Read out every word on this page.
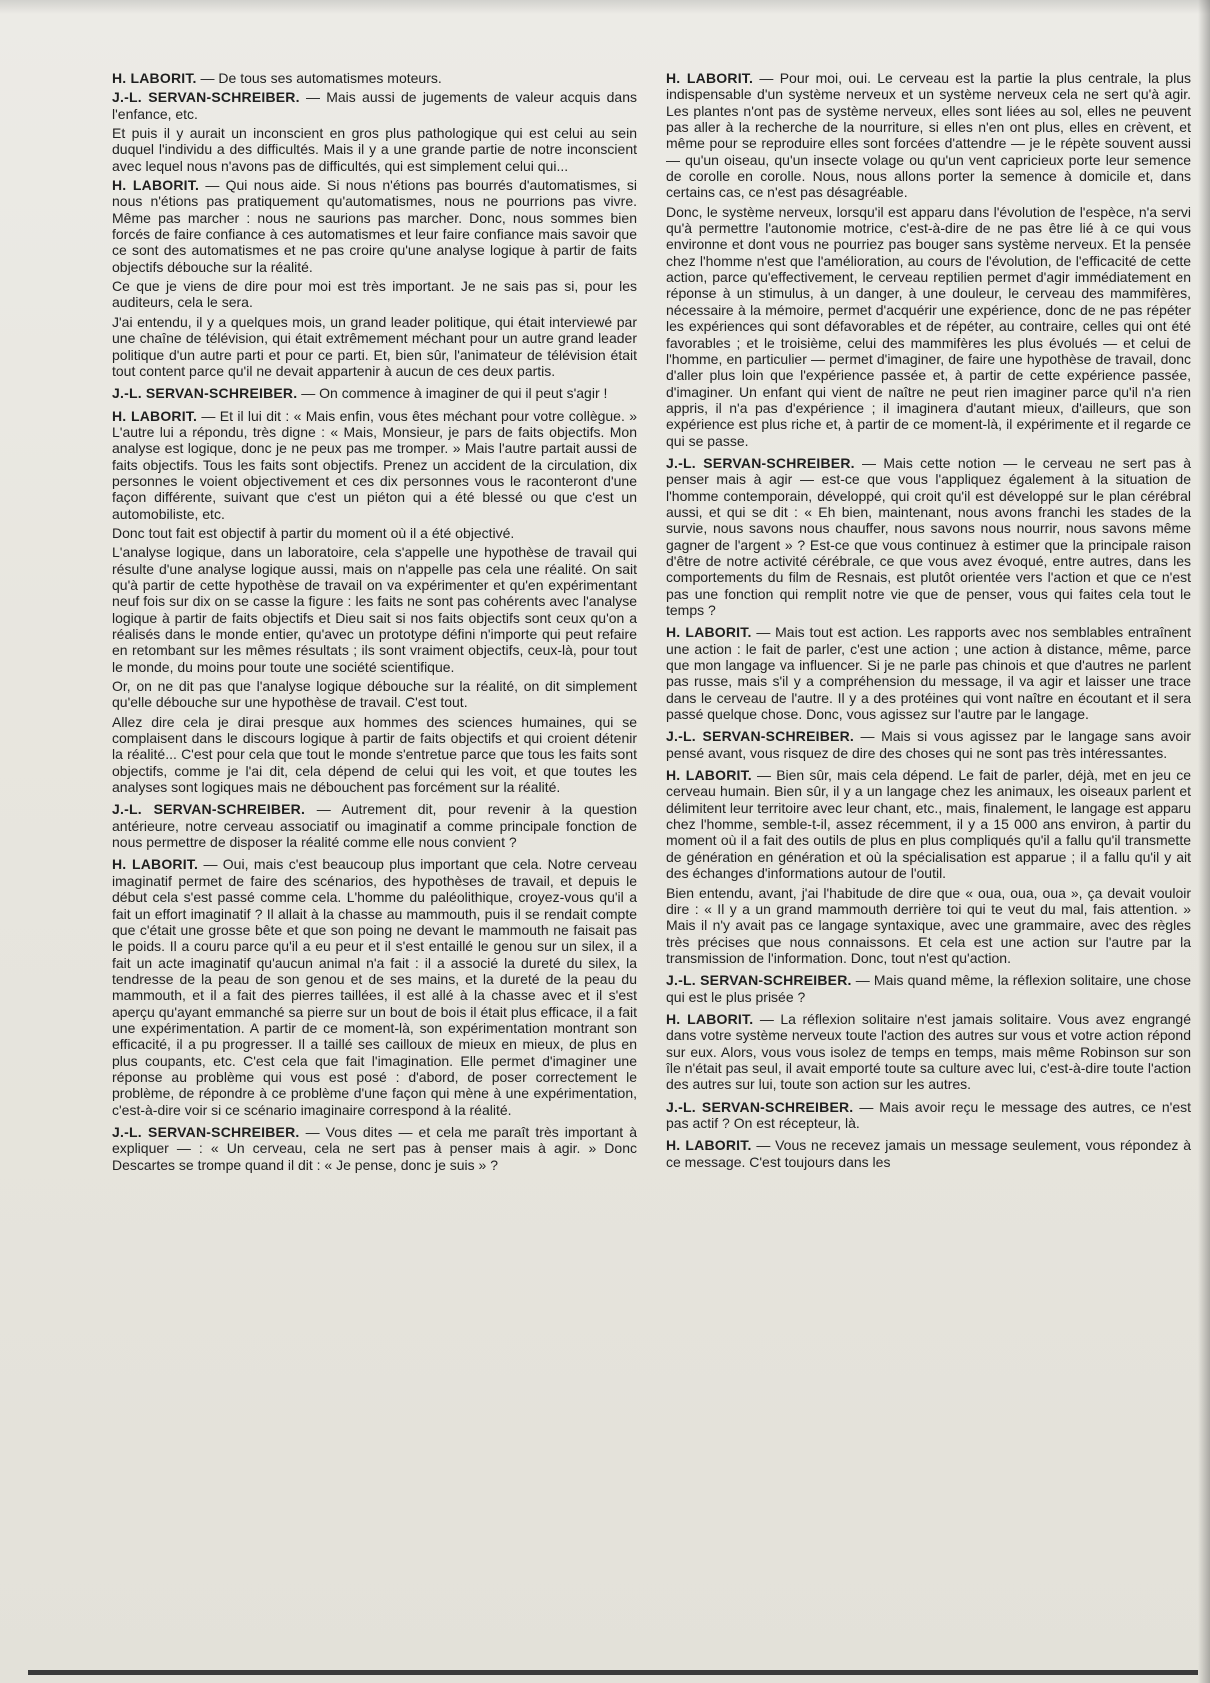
H. LABORIT. — De tous ses automatismes moteurs.

J.-L. SERVAN-SCHREIBER. — Mais aussi de jugements de valeur acquis dans l'enfance, etc.

Et puis il y aurait un inconscient en gros plus pathologique qui est celui au sein duquel l'individu a des difficultés. Mais il y a une grande partie de notre inconscient avec lequel nous n'avons pas de difficultés, qui est simplement celui qui...

H. LABORIT. — Qui nous aide. Si nous n'étions pas bourrés d'automatismes, si nous n'étions pas pratiquement qu'automatismes, nous ne pourrions pas vivre. Même pas marcher : nous ne saurions pas marcher. Donc, nous sommes bien forcés de faire confiance à ces automatismes et leur faire confiance mais savoir que ce sont des automatismes et ne pas croire qu'une analyse logique à partir de faits objectifs débouche sur la réalité.

Ce que je viens de dire pour moi est très important. Je ne sais pas si, pour les auditeurs, cela le sera.

J'ai entendu, il y a quelques mois, un grand leader politique, qui était interviewé par une chaîne de télévision, qui était extrêmement méchant pour un autre grand leader politique d'un autre parti et pour ce parti. Et, bien sûr, l'animateur de télévision était tout content parce qu'il ne devait appartenir à aucun de ces deux partis.

J.-L. SERVAN-SCHREIBER. — On commence à imaginer de qui il peut s'agir !

H. LABORIT. — Et il lui dit : « Mais enfin, vous êtes méchant pour votre collègue. » L'autre lui a répondu, très digne : « Mais, Monsieur, je pars de faits objectifs. Mon analyse est logique, donc je ne peux pas me tromper. » Mais l'autre partait aussi de faits objectifs. Tous les faits sont objectifs. Prenez un accident de la circulation, dix personnes le voient objectivement et ces dix personnes vous le raconteront d'une façon différente, suivant que c'est un piéton qui a été blessé ou que c'est un automobiliste, etc.

Donc tout fait est objectif à partir du moment où il a été objectivé.

L'analyse logique, dans un laboratoire, cela s'appelle une hypothèse de travail qui résulte d'une analyse logique aussi, mais on n'appelle pas cela une réalité. On sait qu'à partir de cette hypothèse de travail on va expérimenter et qu'en expérimentant neuf fois sur dix on se casse la figure : les faits ne sont pas cohérents avec l'analyse logique à partir de faits objectifs et Dieu sait si nos faits objectifs sont ceux qu'on a réalisés dans le monde entier, qu'avec un prototype défini n'importe qui peut refaire en retombant sur les mêmes résultats ; ils sont vraiment objectifs, ceux-là, pour tout le monde, du moins pour toute une société scientifique.

Or, on ne dit pas que l'analyse logique débouche sur la réalité, on dit simplement qu'elle débouche sur une hypothèse de travail. C'est tout.

Allez dire cela je dirai presque aux hommes des sciences humaines, qui se complaisent dans le discours logique à partir de faits objectifs et qui croient détenir la réalité... C'est pour cela que tout le monde s'entretue parce que tous les faits sont objectifs, comme je l'ai dit, cela dépend de celui qui les voit, et que toutes les analyses sont logiques mais ne débouchent pas forcément sur la réalité.

J.-L. SERVAN-SCHREIBER. — Autrement dit, pour revenir à la question antérieure, notre cerveau associatif ou imaginatif a comme principale fonction de nous permettre de disposer la réalité comme elle nous convient ?

H. LABORIT. — Oui, mais c'est beaucoup plus important que cela. Notre cerveau imaginatif permet de faire des scénarios, des hypothèses de travail, et depuis le début cela s'est passé comme cela. L'homme du paléolithique, croyez-vous qu'il a fait un effort imaginatif ? Il allait à la chasse au mammouth, puis il se rendait compte que c'était une grosse bête et que son poing ne devant le mammouth ne faisait pas le poids. Il a couru parce qu'il a eu peur et il s'est entaillé le genou sur un silex, il a fait un acte imaginatif qu'aucun animal n'a fait : il a associé la dureté du silex, la tendresse de la peau de son genou et de ses mains, et la dureté de la peau du mammouth, et il a fait des pierres taillées, il est allé à la chasse avec et il s'est aperçu qu'ayant emmanché sa pierre sur un bout de bois il était plus efficace, il a fait une expérimentation. A partir de ce moment-là, son expérimentation montrant son efficacité, il a pu progresser. Il a taillé ses cailloux de mieux en mieux, de plus en plus coupants, etc. C'est cela que fait l'imagination. Elle permet d'imaginer une réponse au problème qui vous est posé : d'abord, de poser correctement le problème, de répondre à ce problème d'une façon qui mène à une expérimentation, c'est-à-dire voir si ce scénario imaginaire correspond à la réalité.

J.-L. SERVAN-SCHREIBER. — Vous dites — et cela me paraît très important à expliquer — : « Un cerveau, cela ne sert pas à penser mais à agir. » Donc Descartes se trompe quand il dit : « Je pense, donc je suis » ?

H. LABORIT. — Pour moi, oui. Le cerveau est la partie la plus centrale, la plus indispensable d'un système nerveux et un système nerveux cela ne sert qu'à agir. Les plantes n'ont pas de système nerveux, elles sont liées au sol, elles ne peuvent pas aller à la recherche de la nourriture, si elles n'en ont plus, elles en crèvent, et même pour se reproduire elles sont forcées d'attendre — je le répète souvent aussi — qu'un oiseau, qu'un insecte volage ou qu'un vent capricieux porte leur semence de corolle en corolle. Nous, nous allons porter la semence à domicile et, dans certains cas, ce n'est pas désagréable.

Donc, le système nerveux, lorsqu'il est apparu dans l'évolution de l'espèce, n'a servi qu'à permettre l'autonomie motrice, c'est-à-dire de ne pas être lié à ce qui vous environne et dont vous ne pourriez pas bouger sans système nerveux. Et la pensée chez l'homme n'est que l'amélioration, au cours de l'évolution, de l'efficacité de cette action, parce qu'effectivement, le cerveau reptilien permet d'agir immédiatement en réponse à un stimulus, à un danger, à une douleur, le cerveau des mammifères, nécessaire à la mémoire, permet d'acquérir une expérience, donc de ne pas répéter les expériences qui sont défavorables et de répéter, au contraire, celles qui ont été favorables ; et le troisième, celui des mammifères les plus évolués — et celui de l'homme, en particulier — permet d'imaginer, de faire une hypothèse de travail, donc d'aller plus loin que l'expérience passée et, à partir de cette expérience passée, d'imaginer. Un enfant qui vient de naître ne peut rien imaginer parce qu'il n'a rien appris, il n'a pas d'expérience ; il imaginera d'autant mieux, d'ailleurs, que son expérience est plus riche et, à partir de ce moment-là, il expérimente et il regarde ce qui se passe.

J.-L. SERVAN-SCHREIBER. — Mais cette notion — le cerveau ne sert pas à penser mais à agir — est-ce que vous l'appliquez également à la situation de l'homme contemporain, développé, qui croit qu'il est développé sur le plan cérébral aussi, et qui se dit : « Eh bien, maintenant, nous avons franchi les stades de la survie, nous savons nous chauffer, nous savons nous nourrir, nous savons même gagner de l'argent » ? Est-ce que vous continuez à estimer que la principale raison d'être de notre activité cérébrale, ce que vous avez évoqué, entre autres, dans les comportements du film de Resnais, est plutôt orientée vers l'action et que ce n'est pas une fonction qui remplit notre vie que de penser, vous qui faites cela tout le temps ?

H. LABORIT. — Mais tout est action. Les rapports avec nos semblables entraînent une action : le fait de parler, c'est une action ; une action à distance, même, parce que mon langage va influencer. Si je ne parle pas chinois et que d'autres ne parlent pas russe, mais s'il y a compréhension du message, il va agir et laisser une trace dans le cerveau de l'autre. Il y a des protéines qui vont naître en écoutant et il sera passé quelque chose. Donc, vous agissez sur l'autre par le langage.

J.-L. SERVAN-SCHREIBER. — Mais si vous agissez par le langage sans avoir pensé avant, vous risquez de dire des choses qui ne sont pas très intéressantes.

H. LABORIT. — Bien sûr, mais cela dépend. Le fait de parler, déjà, met en jeu ce cerveau humain. Bien sûr, il y a un langage chez les animaux, les oiseaux parlent et délimitent leur territoire avec leur chant, etc., mais, finalement, le langage est apparu chez l'homme, semble-t-il, assez récemment, il y a 15 000 ans environ, à partir du moment où il a fait des outils de plus en plus compliqués qu'il a fallu qu'il transmette de génération en génération et où la spécialisation est apparue ; il a fallu qu'il y ait des échanges d'informations autour de l'outil.

Bien entendu, avant, j'ai l'habitude de dire que « oua, oua, oua », ça devait vouloir dire : « Il y a un grand mammouth derrière toi qui te veut du mal, fais attention. » Mais il n'y avait pas ce langage syntaxique, avec une grammaire, avec des règles très précises que nous connaissons. Et cela est une action sur l'autre par la transmission de l'information. Donc, tout n'est qu'action.

J.-L. SERVAN-SCHREIBER. — Mais quand même, la réflexion solitaire, une chose qui est le plus prisée ?

H. LABORIT. — La réflexion solitaire n'est jamais solitaire. Vous avez engrangé dans votre système nerveux toute l'action des autres sur vous et votre action répond sur eux. Alors, vous vous isolez de temps en temps, mais même Robinson sur son île n'était pas seul, il avait emporté toute sa culture avec lui, c'est-à-dire toute l'action des autres sur lui, toute son action sur les autres.

J.-L. SERVAN-SCHREIBER. — Mais avoir reçu le message des autres, ce n'est pas actif ? On est récepteur, là.

H. LABORIT. — Vous ne recevez jamais un message seulement, vous répondez à ce message. C'est toujours dans les
